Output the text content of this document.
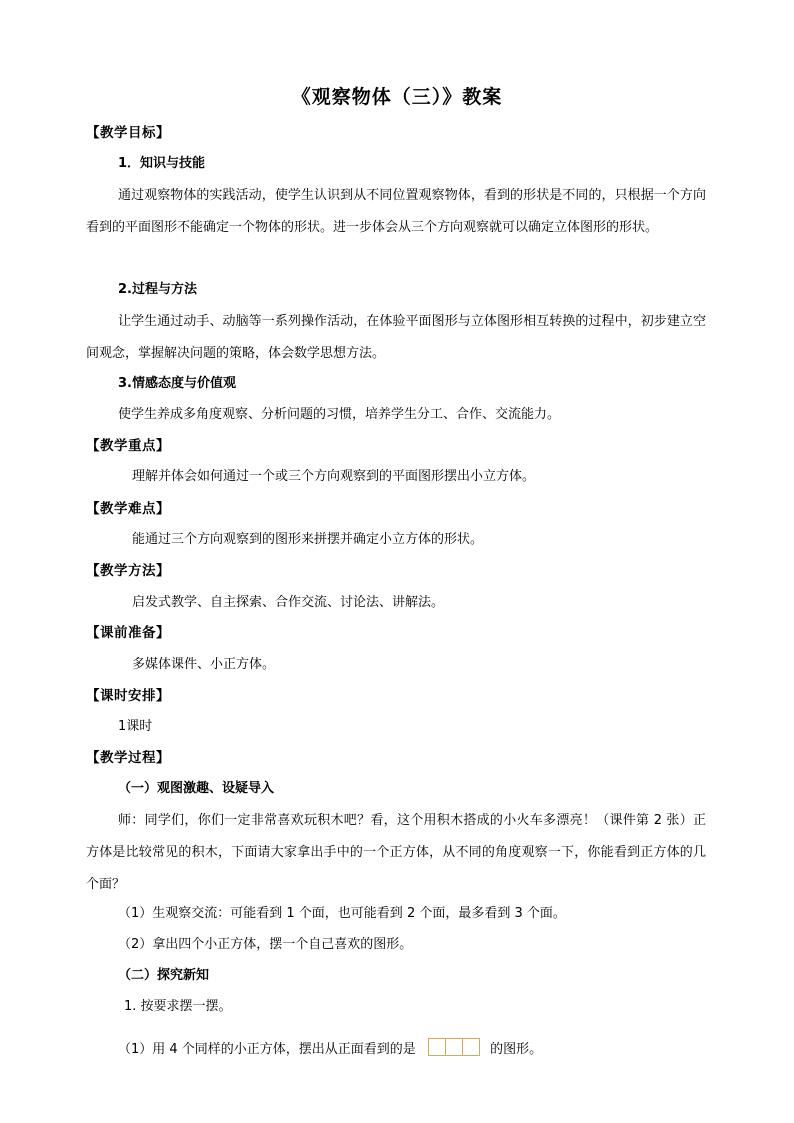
《观察物体（三）》教案
【教学目标】
1．知识与技能
通过观察物体的实践活动，使学生认识到从不同位置观察物体，看到的形状是不同的，只根据一个方向看到的平面图形不能确定一个物体的形状。进一步体会从三个方向观察就可以确定立体图形的形状。
2.过程与方法
让学生通过动手、动脑等一系列操作活动，在体验平面图形与立体图形相互转换的过程中，初步建立空间观念，掌握解决问题的策略，体会数学思想方法。
3.情感态度与价值观
使学生养成多角度观察、分析问题的习惯，培养学生分工、合作、交流能力。
【教学重点】
理解并体会如何通过一个或三个方向观察到的平面图形摆出小立方体。
【教学难点】
能通过三个方向观察到的图形来拼摆并确定小立方体的形状。
【教学方法】
启发式教学、自主探索、合作交流、讨论法、讲解法。
【课前准备】
多媒体课件、小正方体。
【课时安排】
1课时
【教学过程】
（一）观图激趣、设疑导入
师：同学们，你们一定非常喜欢玩积木吧？看，这个用积木搭成的小火车多漂亮！（课件第 2 张）正方体是比较常见的积木，下面请大家拿出手中的一个正方体，从不同的角度观察一下，你能看到正方体的几个面？
（1）生观察交流：可能看到 1 个面，也可能看到 2 个面，最多看到 3 个面。
（2）拿出四个小正方体，摆一个自己喜欢的图形。
（二）探究新知
1. 按要求摆一摆。
（1）用 4 个同样的小正方体，摆出从正面看到的是	的图形。
